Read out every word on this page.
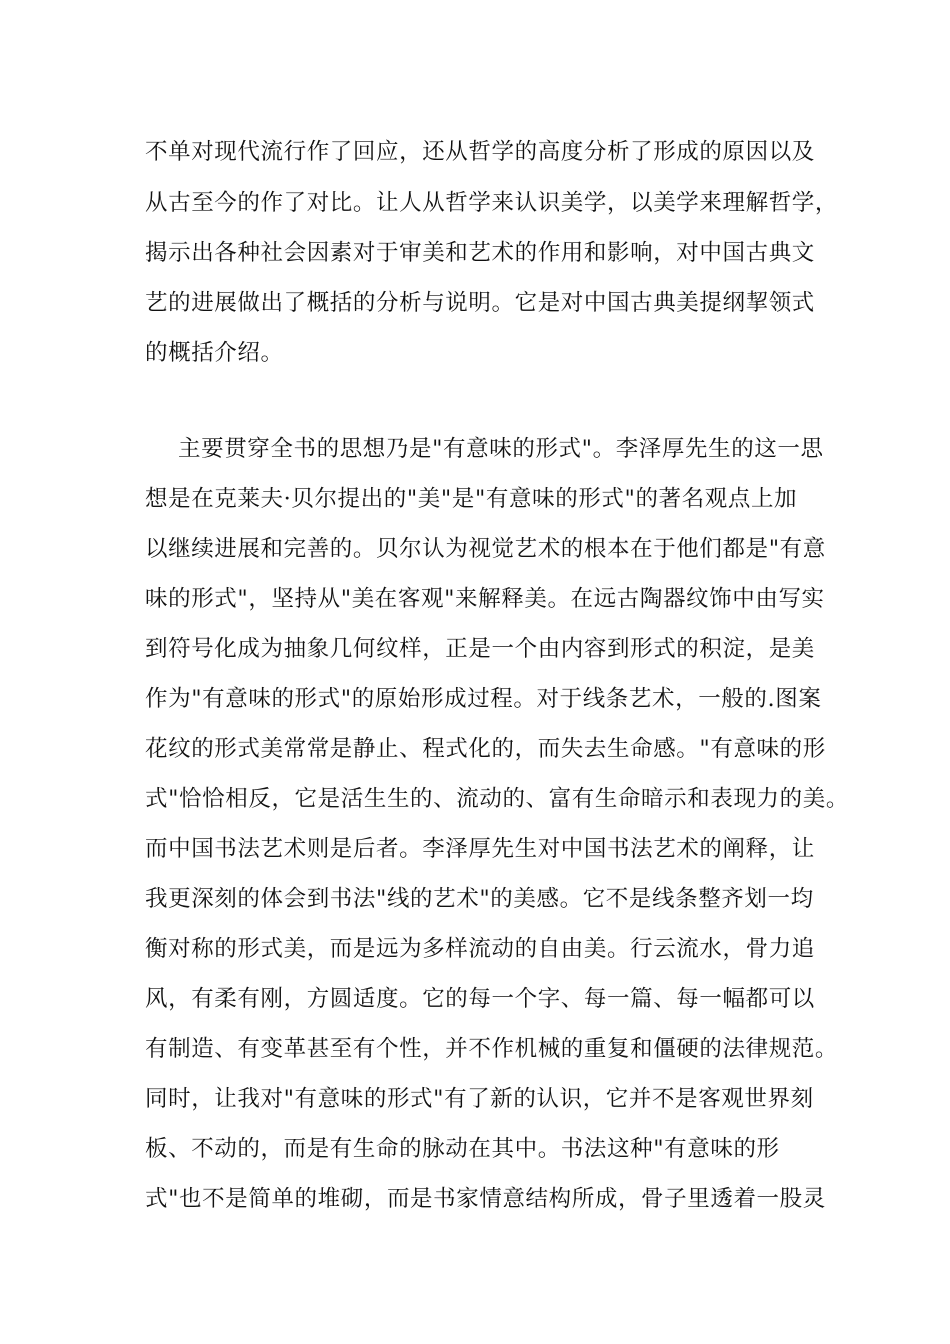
不单对现代流行作了回应，还从哲学的高度分析了形成的原因以及
从古至今的作了对比。让人从哲学来认识美学，以美学来理解哲学，
揭示出各种社会因素对于审美和艺术的作用和影响，对中国古典文
艺的进展做出了概括的分析与说明。它是对中国古典美提纲挈领式
的概括介绍。
主要贯穿全书的思想乃是"有意味的形式"。李泽厚先生的这一思
想是在克莱夫·贝尔提出的"美"是"有意味的形式"的著名观点上加
以继续进展和完善的。贝尔认为视觉艺术的根本在于他们都是"有意
味的形式"，坚持从"美在客观"来解释美。在远古陶器纹饰中由写实
到符号化成为抽象几何纹样，正是一个由内容到形式的积淀，是美
作为"有意味的形式"的原始形成过程。对于线条艺术，一般的.图案
花纹的形式美常常是静止、程式化的，而失去生命感。"有意味的形
式"恰恰相反，它是活生生的、流动的、富有生命暗示和表现力的美。
而中国书法艺术则是后者。李泽厚先生对中国书法艺术的阐释，让
我更深刻的体会到书法"线的艺术"的美感。它不是线条整齐划一均
衡对称的形式美，而是远为多样流动的自由美。行云流水，骨力追
风，有柔有刚，方圆适度。它的每一个字、每一篇、每一幅都可以
有制造、有变革甚至有个性，并不作机械的重复和僵硬的法律规范。
同时，让我对"有意味的形式"有了新的认识，它并不是客观世界刻
板、不动的，而是有生命的脉动在其中。书法这种"有意味的形
式"也不是简单的堆砌，而是书家情意结构所成，骨子里透着一股灵
